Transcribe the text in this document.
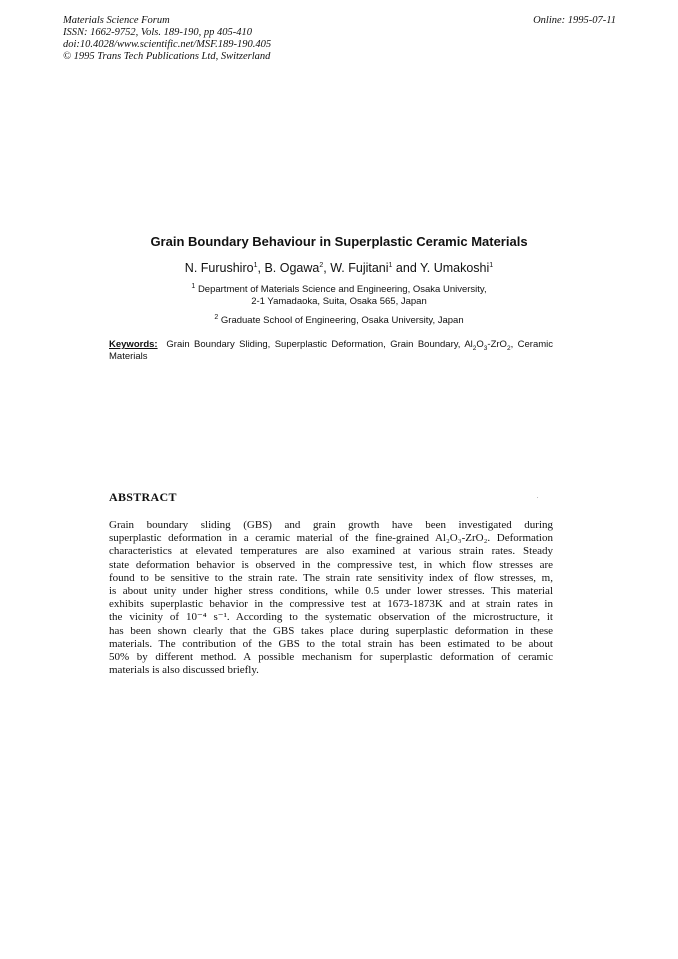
Materials Science Forum
ISSN: 1662-9752, Vols. 189-190, pp 405-410
doi:10.4028/www.scientific.net/MSF.189-190.405
© 1995 Trans Tech Publications Ltd, Switzerland
Online: 1995-07-11
Grain Boundary Behaviour in Superplastic Ceramic Materials
N. Furushiro$^1$, B. Ogawa$^2$, W. Fujitani$^1$ and Y. Umakoshi$^1$
$^1$ Department of Materials Science and Engineering, Osaka University,
2-1 Yamadaoka, Suita, Osaka 565, Japan
$^2$ Graduate School of Engineering, Osaka University, Japan
Keywords: Grain Boundary Sliding, Superplastic Deformation, Grain Boundary, $Al_2O_3-ZrO_2$, Ceramic Materials
ABSTRACT
Grain boundary sliding (GBS) and grain growth have been investigated during
superplastic deformation in a ceramic material of the fine-grained Al₂O₃-ZrO₂. Deformation
characteristics at elevated temperatures are also examined at various strain rates. Steady
state deformation behavior is observed in the compressive test, in which flow stresses are
found to be sensitive to the strain rate. The strain rate sensitivity index of flow stresses, m,
is about unity under higher stress conditions, while 0.5 under lower stresses. This material
exhibits superplastic behavior in the compressive test at 1673-1873K and at strain rates in
the vicinity of 10⁻⁴ s⁻¹. According to the systematic observation of the microstructure, it
has been shown clearly that the GBS takes place during superplastic deformation in these
materials. The contribution of the GBS to the total strain has been estimated to be about
50% by different method. A possible mechanism for superplastic deformation of ceramic
materials is also discussed briefly.
